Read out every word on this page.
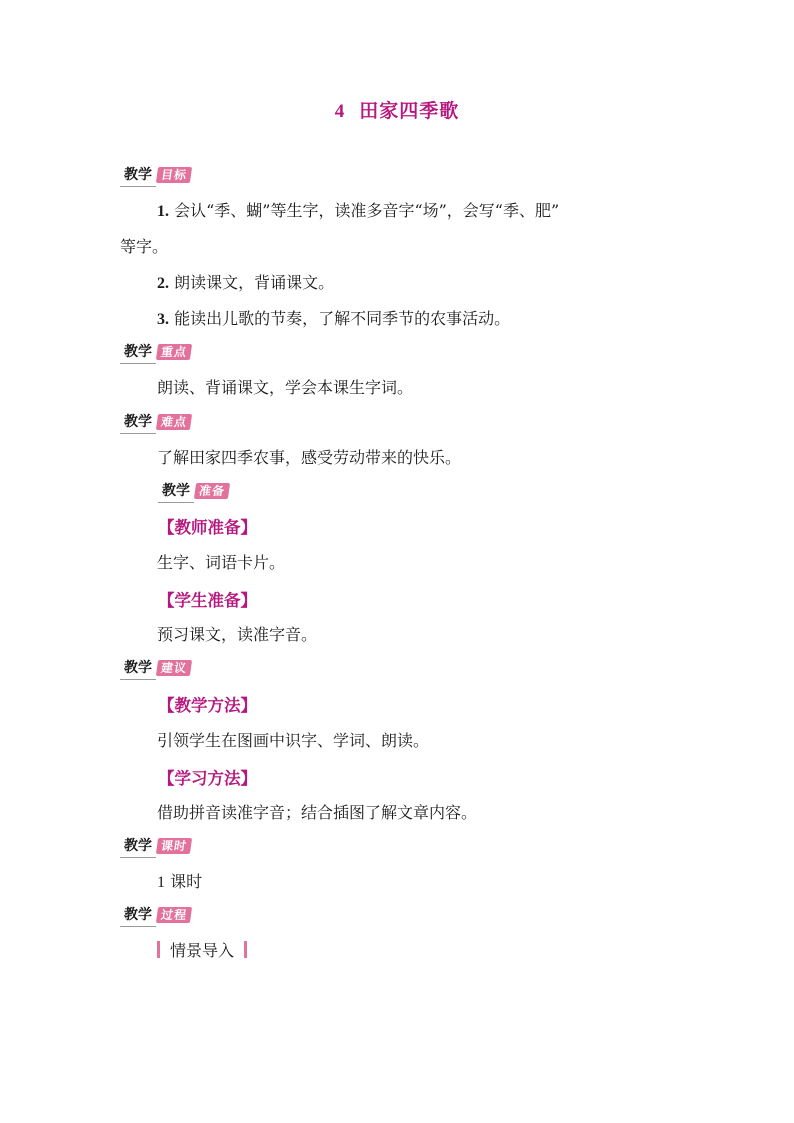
4 田家四季歌
教学 目标
1. 会认“季、蝴”等生字，读准多音字“场”，会写“季、肥”
等字。
2. 朗读课文，背诵课文。
3. 能读出儿歌的节奏，了解不同季节的农事活动。
教学 重点
朗读、背诵课文，学会本课生字词。
教学 难点
了解田家四季农事，感受劳动带来的快乐。
教学 准备
【教师准备】
生字、词语卡片。
【学生准备】
预习课文，读准字音。
教学 建议
【教学方法】
引领学生在图画中识字、学词、朗读。
【学习方法】
借助拼音读准字音；结合插图了解文章内容。
教学 课时
1 课时
教学 过程
情景导入
